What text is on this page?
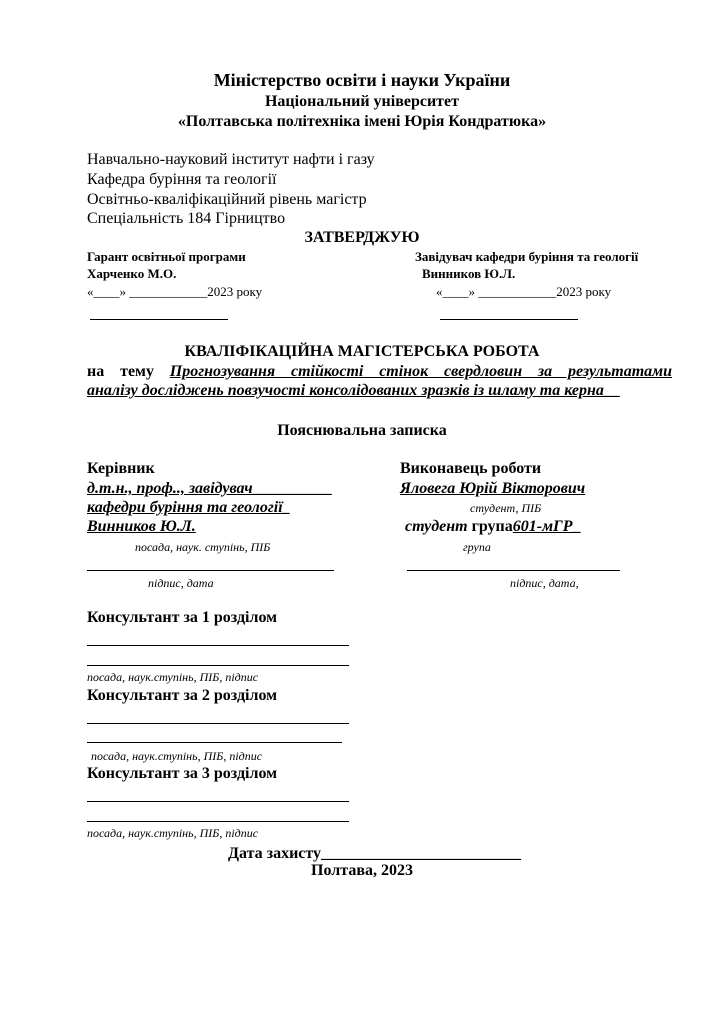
Міністерство освіти і науки України
Національний університет
«Полтавська політехніка імені Юрія Кондратюка»
Навчально-науковий інститут нафти і газу
Кафедра буріння та геології
Освітньо-кваліфікаційний рівень магістр
Спеціальність 184 Гірництво
ЗАТВЕРДЖУЮ
Гарант освітньої програми
Харченко М.О.
«____» ____________2023 року
Завідувач кафедри буріння та геології
Винников Ю.Л.
«____» ____________2023 року
КВАЛІФІКАЦІЙНА МАГІСТЕРСЬКА РОБОТА
на тему Прогнозування стійкості стінок свердловин за результатами
аналізу досліджень повзучості консолідованих зразків із шламу та керна__
Пояснювальна записка
Керівник
д.т.н., проф.., завідувач__________
кафедри буріння та геології_
Винников Ю.Л.
посада, наук. ступінь, ПІБ
підпис, дата
Виконавець роботи
Яловега Юрій Вікторович
студент, ПІБ
студент група601-мГР_
група
підпис, дата,
Консультант за 1 розділом
посада, наук.ступінь, ПІБ, підпис
Консультант за 2 розділом
посада, наук.ступінь, ПІБ, підпис
Консультант за 3 розділом
посада, наук.ступінь, ПІБ, підпис
Дата захисту_________________________
Полтава, 2023
